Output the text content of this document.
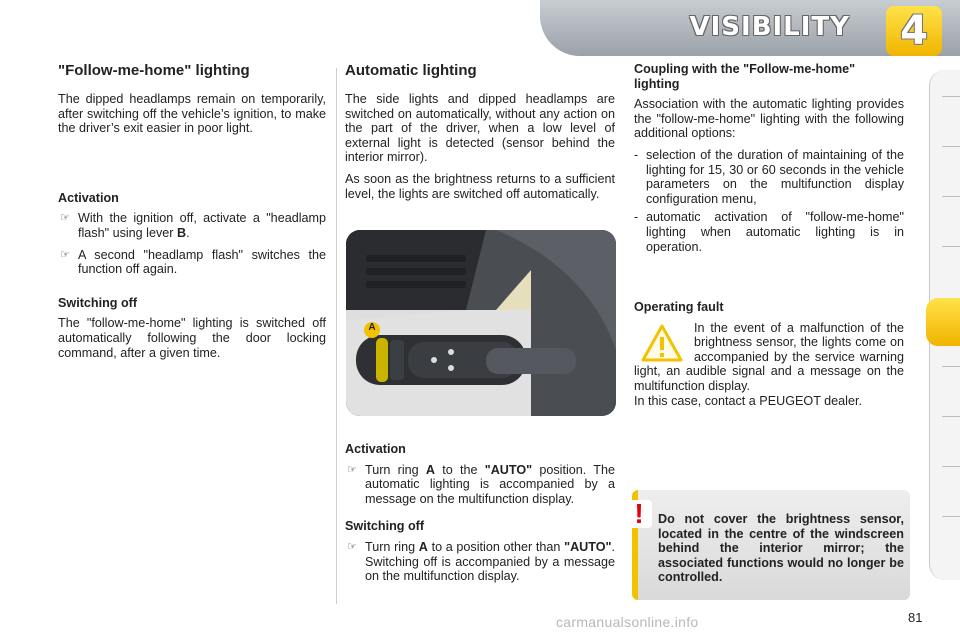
VISIBILITY	4
"Follow-me-home" lighting

The dipped headlamps remain on temporarily, after switching off the vehicle’s ignition, to make the driver’s exit easier in poor light.

Activation
☞ With the ignition off, activate a "headlamp flash" using lever B.
☞ A second "headlamp flash" switches the function off again.
Switching off

The "follow-me-home" lighting is switched off automatically following the door locking command, after a given time.

Automatic lighting

The side lights and dipped headlamps are switched on automatically, without any action on the part of the driver, when a low level of external light is detected (sensor behind the interior mirror).

As soon as the brightness returns to a sufficient level, the lights are switched off automatically.

A
Activation
☞ Turn ring A to the "AUTO" position. The automatic lighting is accompanied by a message on the multifunction display.
Switching off
☞ Turn ring A to a position other than "AUTO". Switching off is accompanied by a message on the multifunction display.
Coupling with the "Follow-me-home" lighting

Association with the automatic lighting provides the "follow-me-home" lighting with the following additional options:

- selection of the duration of maintaining of the lighting for 15, 30 or 60 seconds in the vehicle parameters on the multifunction display configuration menu,
- automatic activation of "follow-me-home" lighting when automatic lighting is in operation.
Operating fault

In the event of a malfunction of the brightness sensor, the lights come on accompanied by the service warning light, an audible signal and a message on the multifunction display.

In this case, contact a PEUGEOT dealer.

!	Do not cover the brightness sensor, located in the centre of the windscreen behind the interior mirror; the associated functions would no longer be controlled.
carmanualsonline.info	81
